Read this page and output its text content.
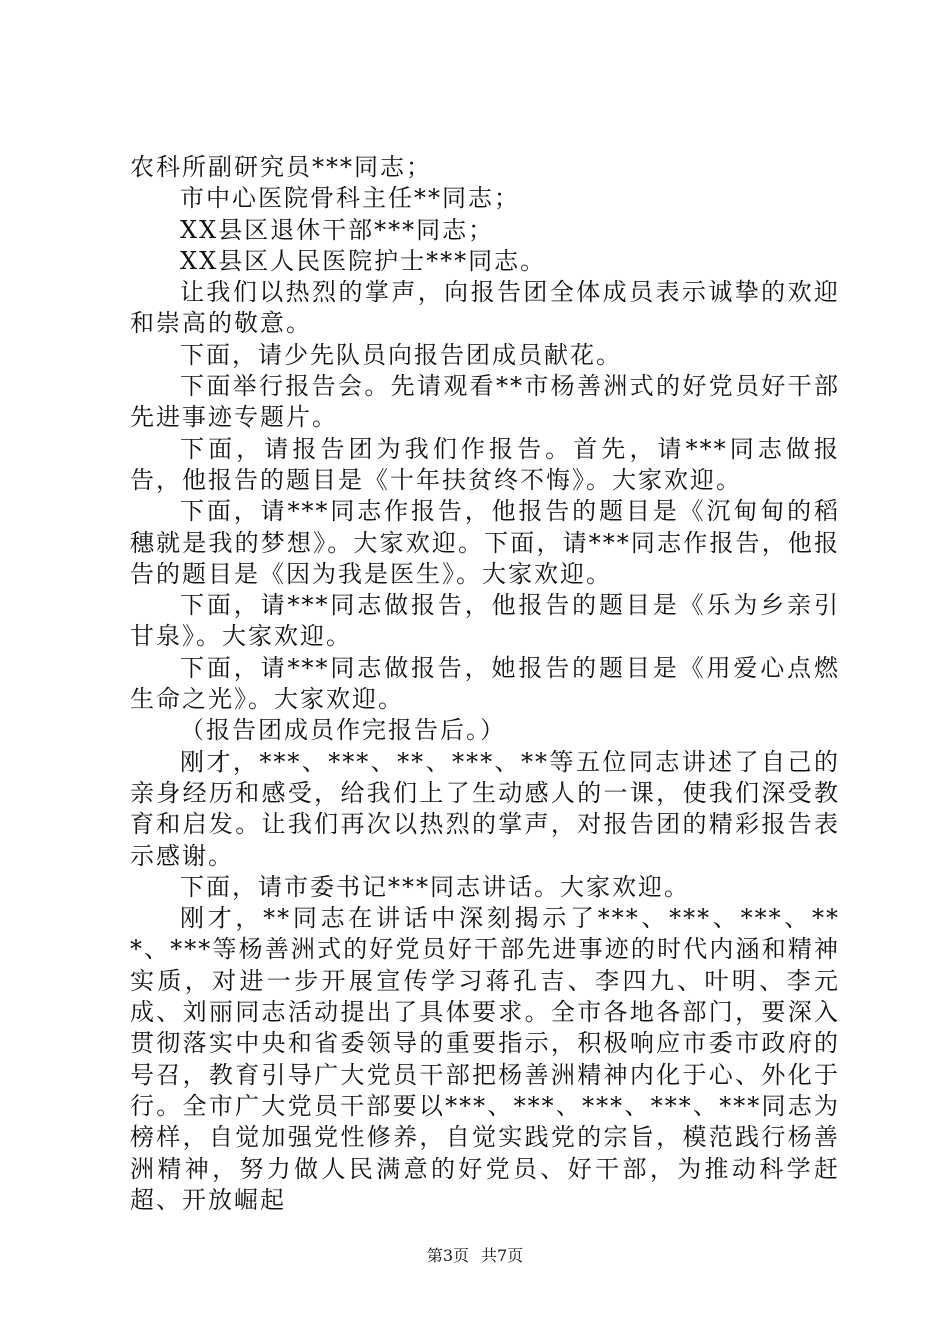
农科所副研究员***同志；

市中心医院骨科主任**同志；

XX县区退休干部***同志；

XX县区人民医院护士***同志。

让我们以热烈的掌声，向报告团全体成员表示诚挚的欢迎和崇高的敬意。

下面，请少先队员向报告团成员献花。

下面举行报告会。先请观看**市杨善洲式的好党员好干部先进事迹专题片。

下面，请报告团为我们作报告。首先，请***同志做报告，他报告的题目是《十年扶贫终不悔》。大家欢迎。

下面，请***同志作报告，他报告的题目是《沉甸甸的稻穗就是我的梦想》。大家欢迎。下面，请***同志作报告，他报告的题目是《因为我是医生》。大家欢迎。

下面，请***同志做报告，他报告的题目是《乐为乡亲引甘泉》。大家欢迎。

下面，请***同志做报告，她报告的题目是《用爱心点燃生命之光》。大家欢迎。

（报告团成员作完报告后。）

刚才，***、***、**、***、**等五位同志讲述了自己的亲身经历和感受，给我们上了生动感人的一课，使我们深受教育和启发。让我们再次以热烈的掌声，对报告团的精彩报告表示感谢。

下面，请市委书记***同志讲话。大家欢迎。

刚才，**同志在讲话中深刻揭示了***、***、***、***、***等杨善洲式的好党员好干部先进事迹的时代内涵和精神实质，对进一步开展宣传学习蒋孔吉、李四九、叶明、李元成、刘丽同志活动提出了具体要求。全市各地各部门，要深入贯彻落实中央和省委领导的重要指示，积极响应市委市政府的号召，教育引导广大党员干部把杨善洲精神内化于心、外化于行。全市广大党员干部要以***、***、***、***、***同志为榜样，自觉加强党性修养，自觉实践党的宗旨，模范践行杨善洲精神，努力做人民满意的好党员、好干部，为推动科学赶超、开放崛起

第3页 共7页
